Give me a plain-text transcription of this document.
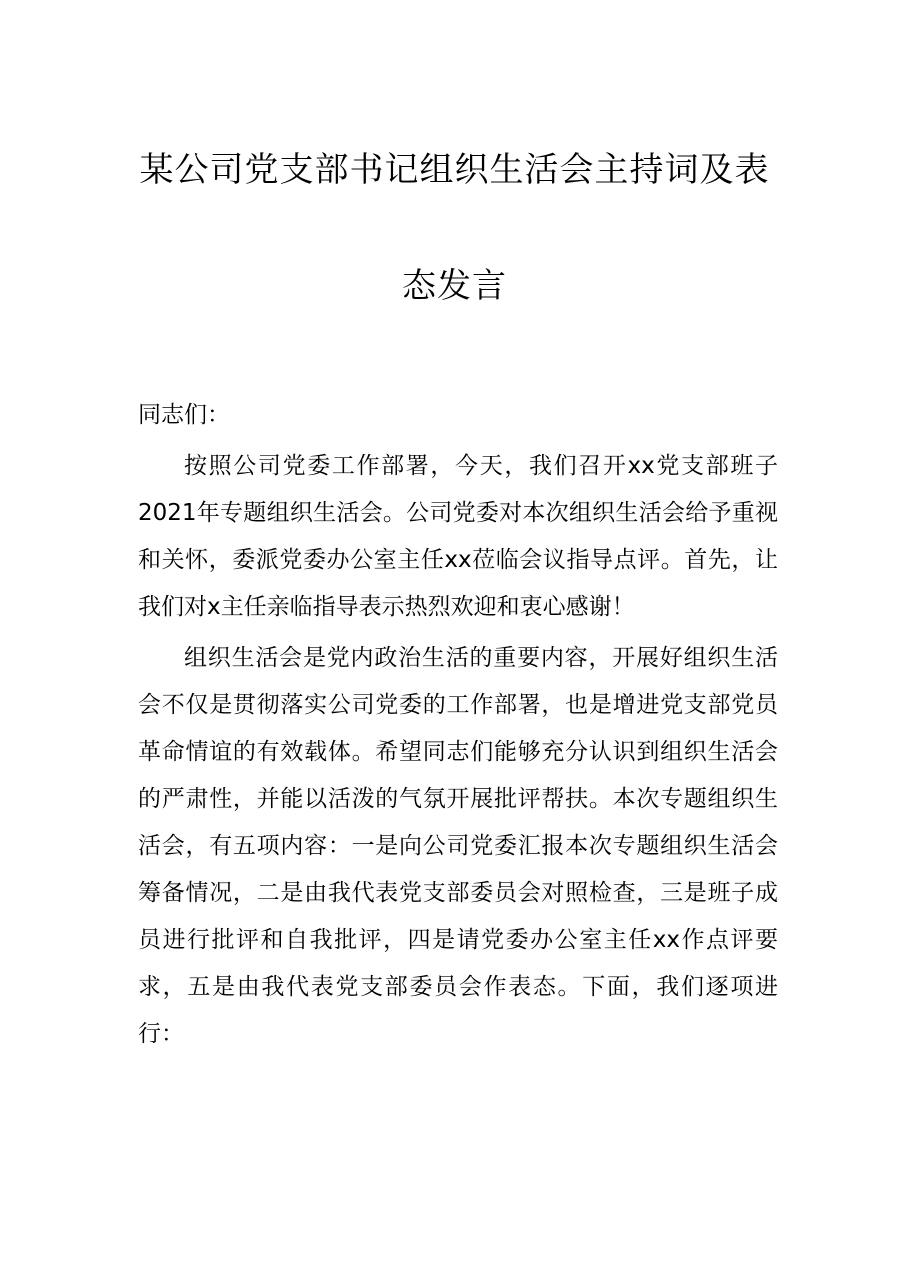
某公司党支部书记组织生活会主持词及表
态发言

同志们：

按照公司党委工作部署，今天，我们召开xx党支部班子2021年专题组织生活会。公司党委对本次组织生活会给予重视和关怀，委派党委办公室主任xx莅临会议指导点评。首先，让我们对x主任亲临指导表示热烈欢迎和衷心感谢！

组织生活会是党内政治生活的重要内容，开展好组织生活会不仅是贯彻落实公司党委的工作部署，也是增进党支部党员革命情谊的有效载体。希望同志们能够充分认识到组织生活会的严肃性，并能以活泼的气氛开展批评帮扶。本次专题组织生活会，有五项内容：一是向公司党委汇报本次专题组织生活会筹备情况，二是由我代表党支部委员会对照检查，三是班子成员进行批评和自我批评，四是请党委办公室主任xx作点评要求，五是由我代表党支部委员会作表态。下面，我们逐项进行：
